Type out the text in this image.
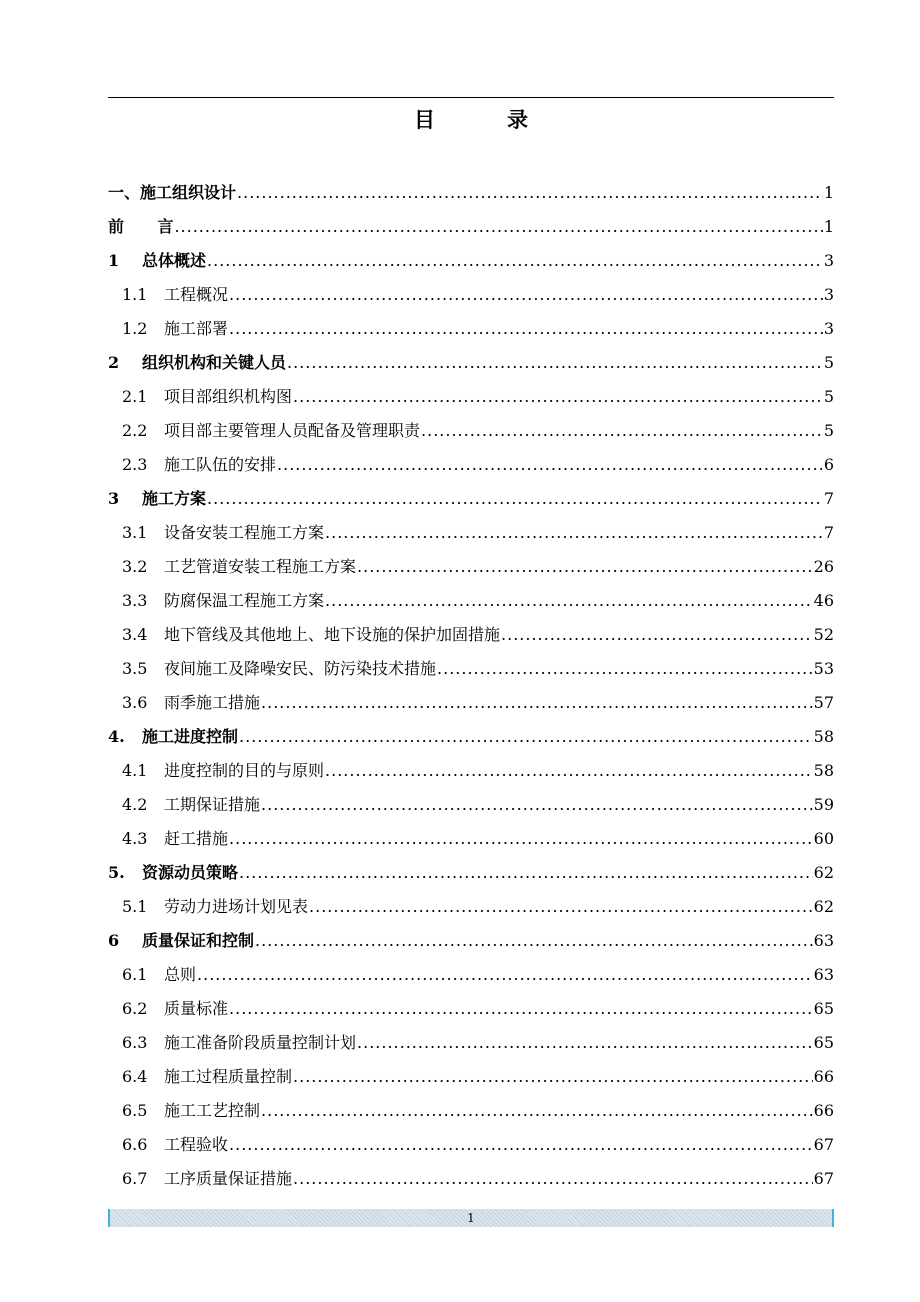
目	录
一、施工组织设计 .....	1
前      言 .....	1
1	总体概述 .....	3
1.1	工程概况 .....	3
1.2	施工部署 .....	3
2	组织机构和关键人员 .....	5
2.1	项目部组织机构图 .....	5
2.2	项目部主要管理人员配备及管理职责 .....	5
2.3	施工队伍的安排 .....	6
3	施工方案 .....	7
3.1	设备安装工程施工方案 .....	7
3.2	工艺管道安装工程施工方案 .....	26
3.3	防腐保温工程施工方案 .....	46
3.4	地下管线及其他地上、地下设施的保护加固措施 .....	52
3.5	夜间施工及降噪安民、防污染技术措施 .....	53
3.6	雨季施工措施 .....	57
4.	施工进度控制 .....	58
4.1	进度控制的目的与原则 .....	58
4.2	工期保证措施 .....	59
4.3	赶工措施 .....	60
5.	资源动员策略 .....	62
5.1	劳动力进场计划见表 .....	62
6	质量保证和控制 .....	63
6.1	总则 .....	63
6.2	质量标准 .....	65
6.3	施工准备阶段质量控制计划 .....	65
6.4	施工过程质量控制 .....	66
6.5	施工工艺控制 .....	66
6.6	工程验收 .....	67
6.7	工序质量保证措施 .....	67
1
